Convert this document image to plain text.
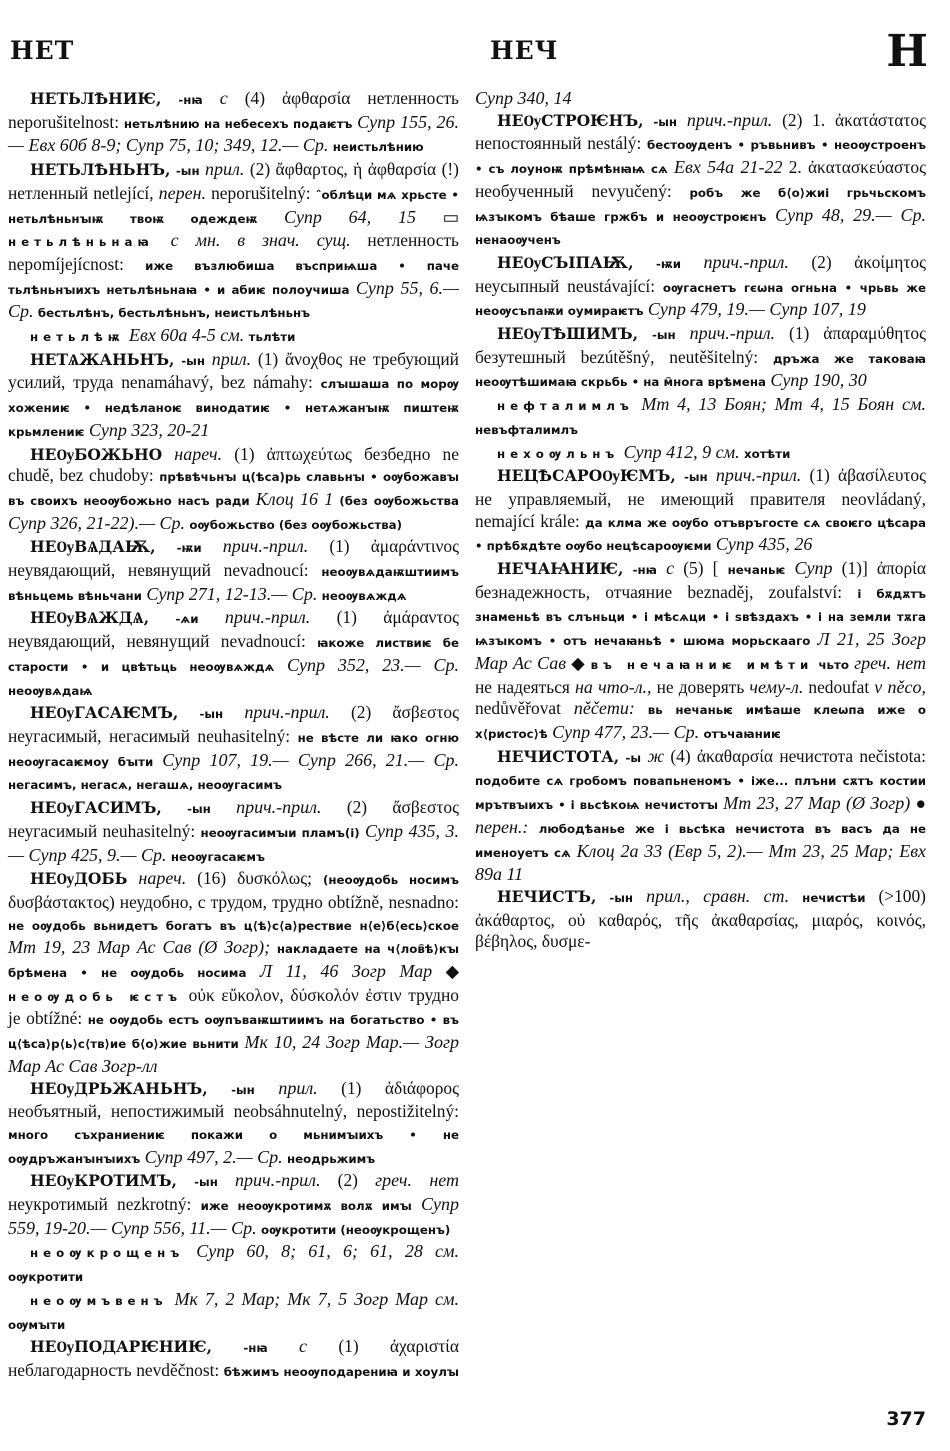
НЕТ	НЕЧ	Н

НЕТЬЛѢНИѤ, -нꙗ с (4) ἀφθαρσία нетленность neporušitelnost: нетьлѣнию на небесехъ подаѥтъ Супр 155, 26.— Евх 60б 8-9; Супр 75, 10; 349, 12.— Ср. неистьлѣнию

НЕТЬЛѢНЬНЪ, -ын прил. (2) ἄφθαρτος, ἡ ἀφθαρσία (!) нетленный netlející, перен. neporušitelný: ˆоблѣци мѧ хрьсте • нетьлѣньнꙑѭ твоѭ одеждеѭ Супр 64, 15 ▭ нетьлѣньнаꙗ с мн. в знач. сущ. нетленность nepomíjejícnost: иже възлюбиша въсприѩша • паче тьлѣньнꙑихъ нетьлѣньнаꙗ • и абиѥ полоучиша Супр 55, 6.— Ср. бестьлѣнъ, бестьлѣньнъ, неистьлѣньнъ

нетьлѣѭ Евх 60а 4-5 см. тьлѣти

НЕТѦЖАНЬНЪ, -ын прил. (1) ἄνοχθος не требующий усилий, труда nenamáhavý, bez námahy: слꙑшаша по морѹ хожениѥ • недѣланоѥ винодатиѥ • нетѧжанꙑѭ пиштеѭ крьмлениѥ Супр 323, 20-21

НЕѸБОЖЬНО нареч. (1) ἀπτωχεύτως безбедно ne chudě, bez chudoby: прѣвѣчьнꙑ ц(ѣса)рь славьнꙑ • оѹбожавꙑ въ своихъ неоѹбожьно насъ ради Клоц 16 1 (без оѹбожьства Супр 326, 21-22).— Ср. оѹбожьство (без оѹбожьства)

НЕѸВѦДАѬ, -ѭи прич.-прил. (1) ἀμαράντινος неувядающий, невянущий nevadnoucí: неоѹвѧдаѭштиимъ вѣньцемь вѣньчани Супр 271, 12-13.— Ср. неоѹвѧждѧ

НЕѸВѦЖДѦ, -ѧи прич.-прил. (1) ἀμάραντος неувядающий, невянущий nevadnoucí: ꙗкоже листвиѥ бе старости • и цвѣтьць неоѹвѧждѧ Супр 352, 23.— Ср. неоѹвѧдаѩ

НЕѸГАСАѤМЪ, -ын прич.-прил. (2) ἄσβεστος неугасимый, негасимый neuhasitelný: не вѣсте ли ꙗко огню неоѹгасаѥмоу бꙑти Супр 107, 19.— Супр 266, 21.— Ср. негасимъ, негасѧ, негашѧ, неоѹгасимъ

НЕѸГАСИМЪ, -ын прич.-прил. (2) ἄσβεστος неугасимый neuhasitelný: неоѹгасимꙑи пламъ(і) Супр 435, 3.— Супр 425, 9.— Ср. неоѹгасаѥмъ

НЕѸДОБЬ нареч. (16) δυσκόλως; (неоѹдобь носимъ δυσβάστακτος) неудобно, с трудом, трудно obtížně, nesnadno: не оѹдобь вьнидетъ богатъ въ ц⟨ѣ⟩с⟨а⟩рествие н⟨е⟩б⟨есь⟩ское Мт 19, 23 Мар Ас Сав (Ø Зогр); накладаете на ч⟨лов҄ѣ⟩кꙑ брѣмена • не оѹдобь носима Л 11, 46 Зогр Мар ◆ неоѹдобь ѥстъ οὐκ εὔκολον, δύσκολόν ἐστιν трудно je obtížné: не оѹдобь естъ оѹпъваѭштиимъ на богатьство • въ ц⟨ѣса⟩р⟨ь⟩с⟨тв⟩ие б⟨о⟩жие вьнити Мк 10, 24 Зогр Мар.— Зогр Мар Ас Сав Зогр-лл

НЕѸДРЬЖАНЬНЪ, -ын прил. (1) ἀδιάφορος необъятный, непостижимый neobsáhnutelný, nepostižitelný: много съхраниениѥ покажи о мьнимꙑихъ • не оѹдръжанꙑнꙑихъ Супр 497, 2.— Ср. неодрьжимъ

НЕѸКРОТИМЪ, -ын прич.-прил. (2) греч. нет неукротимый nezkrotný: иже неоѹкротимѫ волѫ имꙑ Супр 559, 19-20.— Супр 556, 11.— Ср. оѹкротити (неоѹкрощенъ)

неоѹкрощенъ Супр 60, 8; 61, 6; 61, 28 см. оѹкротити

неоѹмъвенъ Мк 7, 2 Мар; Мк 7, 5 Зогр Мар см. оѹмꙑти

НЕѸПОДАРѤНИѤ,	-нꙗ с (1) ἀχαριστία неблагодарность nevděčnost: бѣжимъ неоѹподарениꙗ и хоулꙑ Супр 340, 14

НЕѸСТРОѤНЪ, -ын прич.-прил. (2) 1. ἀκατάστατος непостоянный nestálý: бестоѹденъ • ръвьнивъ • неоѹстроенъ • съ лоуноѭ прѣмѣнꙗѩ сѧ Евх 54а 21-22 2. ἀκατασκεύαστος необученный nevyučený: робъ же б⟨о⟩жиі грьчьскомъ ѩзꙑкомъ бѣаше гржбъ и неоѹстроѥнъ Супр 48, 29.— Ср. ненаоѹченъ

НЕѸСЪІПАѬ, -ѭи прич.-прил. (2) ἀκοίμητος неусыпный neustávající: оѹгаснетъ гєѡна огньна • чрьвь же неоѹсъпаѭи оумираѥтъ Супр 479, 19.— Супр 107, 19

НЕѸТѢШИМЪ, -ын прич.-прил. (1) ἀπαραμύθητος безутешный bezútěšný, neutěšitelný: дръжа же таковаꙗ неоѹтѣшимаꙗ скрьбь • на м҄нога врѣмена Супр 190, 30

нефталимлъ Мт 4, 13 Боян; Мт 4, 15 Боян см. невъфталимлъ

нехоѹльнъ Супр 412, 9 см. хотѣти

НЕЦѢСАРОѸѤМЪ, -ын прич.-прил. (1) ἀβασίλευτος не управляемый, не имеющий правителя neovládaný, nemající krále: да клма же оѹбо отъвръгосте сѧ своѥго цѣсара • прѣбѫдѣте оѹбо нецѣсароѹѥми Супр 435, 26

НЕЧАꙖНИѤ, -нꙗ с (5) [ нечаньѥ Супр (1)] ἀπορία безнадежность, отчаяние beznaděj, zoufalství: і бѫдѫтъ знаменьѣ въ слъньци • і мѣсѧци • і ѕвѣздахъ • і на земли тѫга ѩзꙑкомъ • отъ нечаꙗньѣ • шюма морьскааго Л 21, 25 Зогр Мар Ас Сав ◆ въ нечаꙗниѥ имѣти чьто греч. нет не надеяться на что-л., не доверять чему-л. nedoufat v něco, nedůvěřovat něčemu: вь нечаньѥ имѣаше клеѡпа иже о х⟨ристос⟩ѣ Супр 477, 23.— Ср. отъчаꙗниѥ

НЕЧИСТОТА, -ы ж (4) ἀκαθαρσία нечистота nečistota: подобите сѧ гробомъ повапьненомъ • іже... плъни сѫтъ костии мрътвꙑихъ • і вьсѣкоѩ нечистотꙑ Мт 23, 27 Мар (Ø Зогр) ● перен.: любодѣанье же і вьсѣка нечистота въ васъ да не именоуетъ сѧ Клоц 2а 33 (Евр 5, 2).— Мт 23, 25 Мар; Евх 89а 11

НЕЧИСТЪ, -ын прил., сравн. ст. нечистѣи (>100) ἀκάθαρτος, οὐ καθαρός, τῆς ἀκαθαρσίας, μιαρός, κοινός, βέβηλος, δυσμε-

377
